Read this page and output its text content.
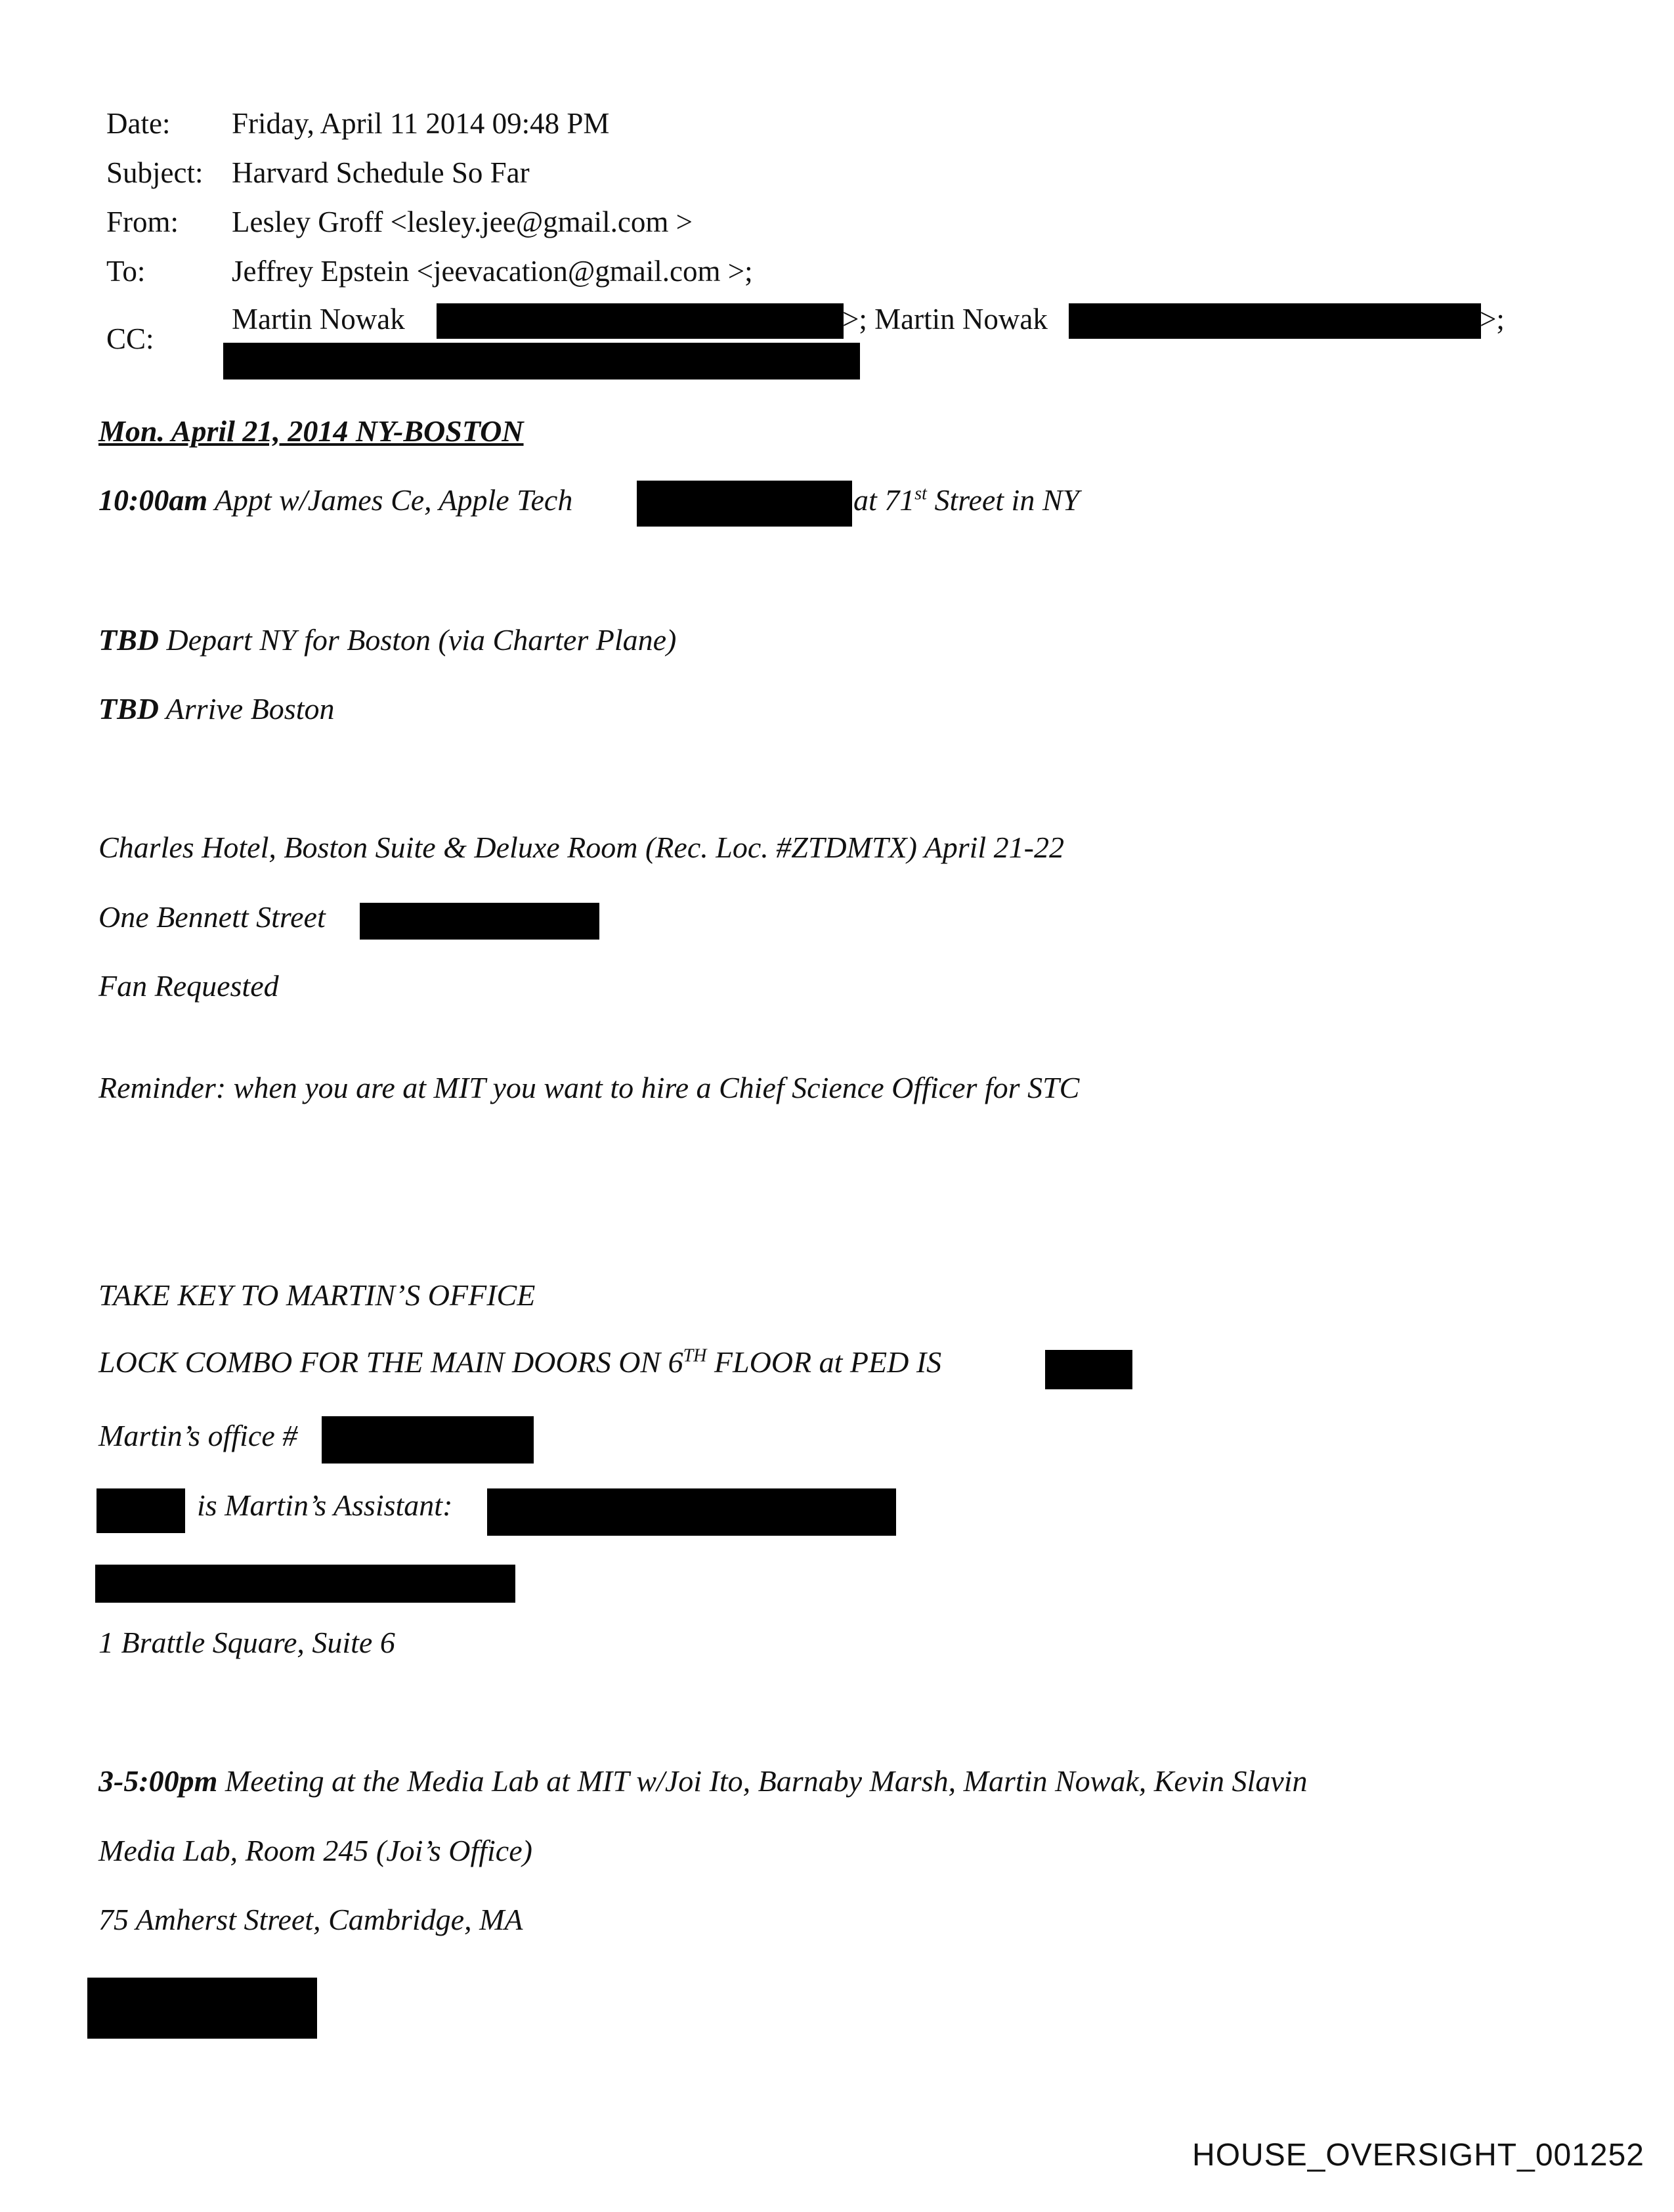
Date: Friday, April 11 2014 09:48 PM
Subject: Harvard Schedule So Far
From: Lesley Groff <lesley.jee@gmail.com >
To:	Jeffrey Epstein <jeevacation@gmail.com >;
CC:
Martin Nowak	>; Martin Nowak	>;
Mon. April 21, 2014 NY-BOSTON
10:00am Appt w/James Ce, Apple Tech	at 71st Street in NY
TBD Depart NY for Boston (via Charter Plane)
TBD Arrive Boston
Charles Hotel, Boston Suite & Deluxe Room (Rec. Loc. #ZTDMTX) April 21-22
One Bennett Street
Fan Requested
Reminder: when you are at MIT you want to hire a Chief Science Officer for STC
TAKE KEY TO MARTIN’S OFFICE
LOCK COMBO FOR THE MAIN DOORS ON 6TH FLOOR at PED IS
Martin’s office #
is Martin’s Assistant:
1 Brattle Square, Suite 6
3-5:00pm Meeting at the Media Lab at MIT w/Joi Ito, Barnaby Marsh, Martin Nowak, Kevin Slavin
Media Lab, Room 245 (Joi’s Office)
75 Amherst Street, Cambridge, MA
HOUSE_OVERSIGHT_001252
